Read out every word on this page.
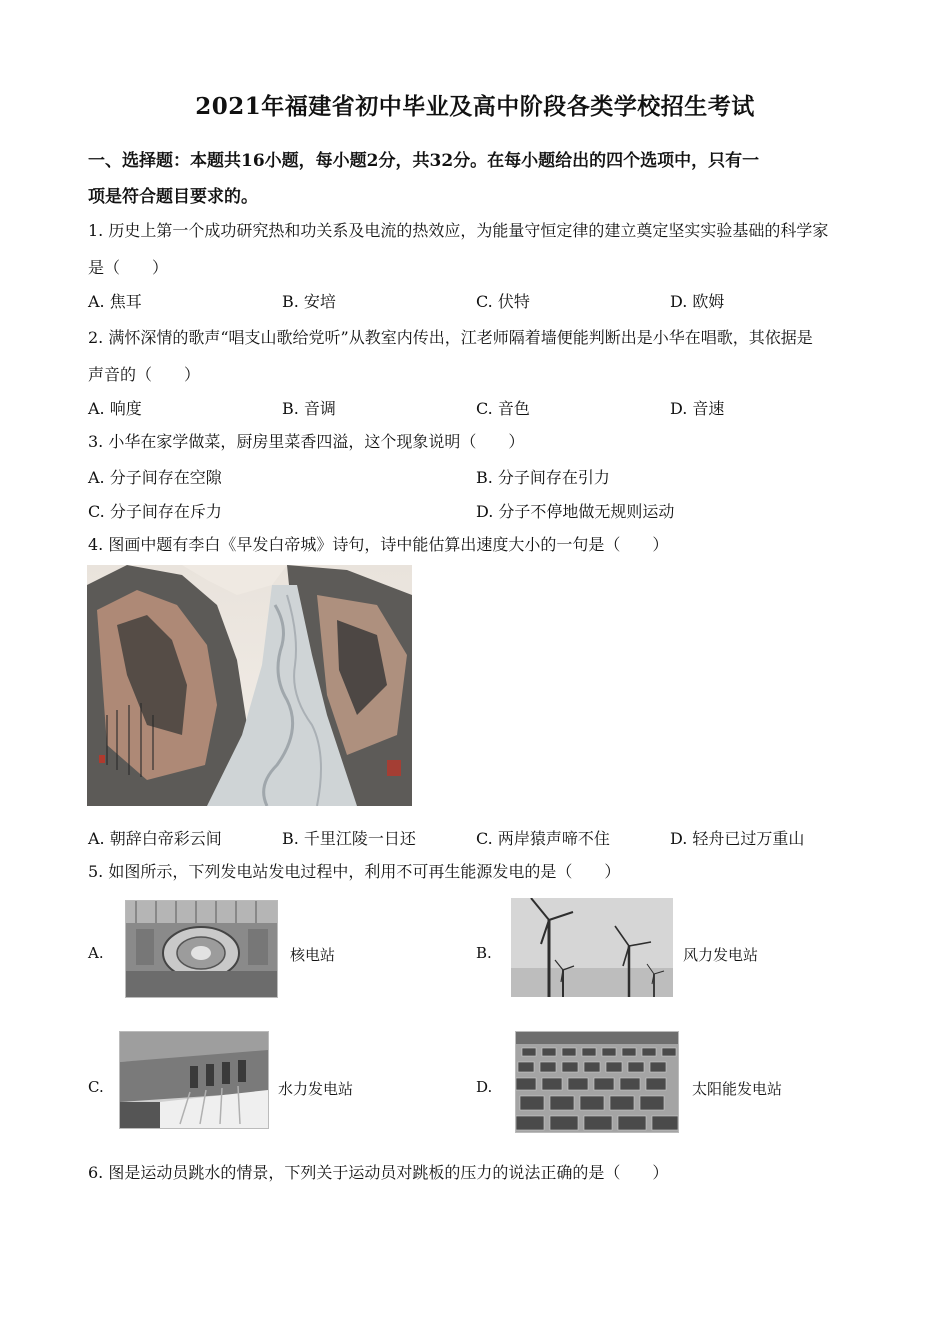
2021年福建省初中毕业及高中阶段各类学校招生考试
一、选择题：本题共16小题，每小题2分，共32分。在每小题给出的四个选项中，只有一
项是符合题目要求的。
1. 历史上第一个成功研究热和功关系及电流的热效应，为能量守恒定律的建立奠定坚实实验基础的科学家
是（　　）
A. 焦耳	B. 安培	C. 伏特	D. 欧姆
2. 满怀深情的歌声“唱支山歌给党听”从教室内传出，江老师隔着墙便能判断出是小华在唱歌，其依据是
声音的（　　）
A. 响度	B. 音调	C. 音色	D. 音速
3. 小华在家学做菜，厨房里菜香四溢，这个现象说明（　　）
A. 分子间存在空隙	B. 分子间存在引力
C. 分子间存在斥力	D. 分子不停地做无规则运动
4. 图画中题有李白《早发白帝城》诗句，诗中能估算出速度大小的一句是（　　）
A. 朝辞白帝彩云间	B. 千里江陵一日还	C. 两岸猿声啼不住	D. 轻舟已过万重山
5. 如图所示，下列发电站发电过程中，利用不可再生能源发电的是（　　）
A.	核电站	B.	风力发电站
C.	水力发电站	D.	太阳能发电站
6. 图是运动员跳水的情景，下列关于运动员对跳板的压力的说法正确的是（　　）
